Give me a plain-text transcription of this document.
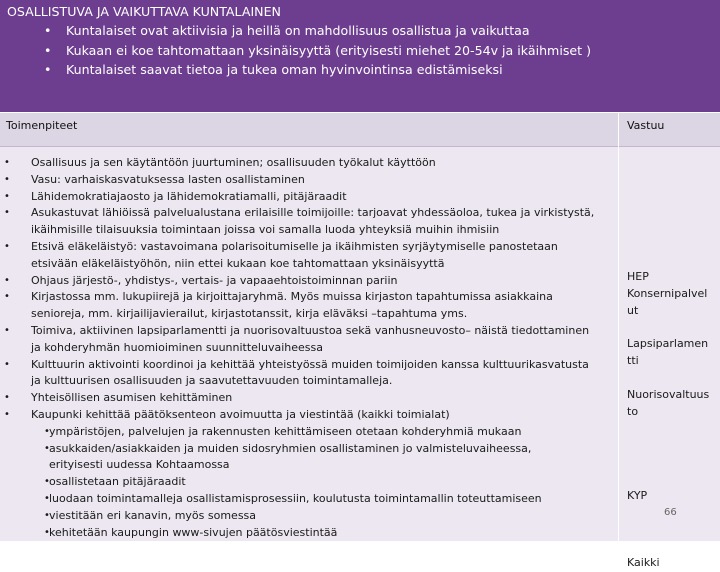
OSALLISTUVA JA VAIKUTTAVA KUNTALAINEN
• Kuntalaiset ovat aktiivisia ja heillä on mahdollisuus osallistua ja vaikuttaa
• Kukaan ei koe tahtomattaan yksinäisyyttä (erityisesti miehet 20-54v ja ikäihmiset )
• Kuntalaiset saavat tietoa ja tukea oman hyvinvointinsa edistämiseksi
Toimenpiteet	Vastuu
• Osallisuus ja sen käytäntöön juurtuminen; osallisuuden työkalut käyttöön
• Vasu: varhaiskasvatuksessa lasten osallistaminen
• Lähidemokratiajaosto ja lähidemokratiamalli, pitäjäraadit
• Asukastuvat lähiöissä palvelualustana erilaisille toimijoille: tarjoavat yhdessäoloa, tukea ja virkistystä,
ikäihmisille tilaisuuksia toimintaan joissa voi samalla luoda yhteyksiä muihin ihmisiin
• Etsivä eläkeläistyö: vastavoimana polarisoitumiselle ja ikäihmisten syrjäytymiselle panostetaan
etsivään eläkeläistyöhön, niin ettei kukaan koe tahtomattaan yksinäisyyttä
• Ohjaus järjestö-, yhdistys-, vertais- ja vapaaehtoistoiminnan pariin
• Kirjastossa mm. lukupiirejä ja kirjoittajaryhmä. Myös muissa kirjaston tapahtumissa asiakkaina
senioreja, mm. kirjailijavierailut, kirjastotanssit, kirja eläväksi –tapahtuma yms.
• Toimiva, aktiivinen lapsiparlamentti ja nuorisovaltuustoa sekä vanhusneuvosto– näistä tiedottaminen
ja kohderyhmän huomioiminen suunnitteluvaiheessa
• Kulttuurin aktivointi koordinoi ja kehittää yhteistyössä muiden toimijoiden kanssa kulttuurikasvatusta
ja kulttuurisen osallisuuden ja saavutettavuuden toimintamalleja.
• Yhteisöllisen asumisen kehittäminen
• Kaupunki kehittää päätöksenteon avoimuutta ja viestintää (kaikki toimialat)
• ympäristöjen, palvelujen ja rakennusten kehittämiseen otetaan kohderyhmiä mukaan
• asukkaiden/asiakkaiden ja muiden sidosryhmien osallistaminen jo valmisteluvaiheessa,
erityisesti uudessa Kohtaamossa
• osallistetaan pitäjäraadit
• luodaan toimintamalleja osallistamisprosessiin, koulutusta toimintamallin toteuttamiseen
• viestitään eri kanavin, myös somessa
• kehitetään kaupungin www-sivujen päätösviestintää
HEP
Konsernipalvel
ut
Lapsiparlamen
tti
Nuorisovaltuus
to
KYP
Kaikki
66
